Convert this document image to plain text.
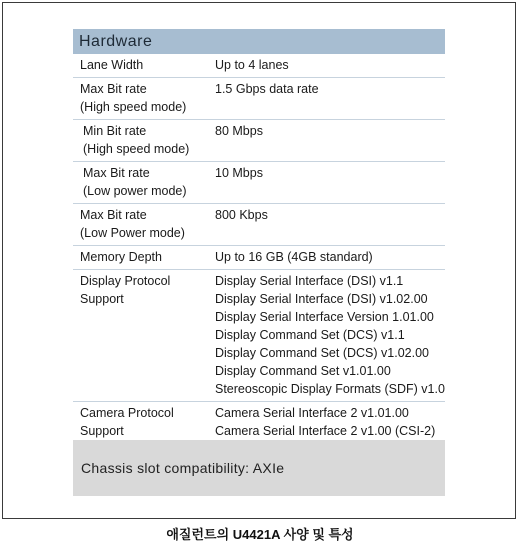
Hardware
Lane Width	Up to 4 lanes
Max Bit rate
(High speed mode)
1.5 Gbps data rate
Min Bit rate
(High speed mode)
80 Mbps
Max Bit rate
(Low power mode)
10 Mbps
Max Bit rate
(Low Power mode)
800 Kbps
Memory Depth	Up to 16 GB (4GB standard)
Display Protocol
Support
Display Serial Interface (DSI) v1.1
Display Serial Interface (DSI) v1.02.00
Display Serial Interface Version 1.01.00
Display Command Set (DCS) v1.1
Display Command Set (DCS) v1.02.00
Display Command Set v1.01.00
Stereoscopic Display Formats (SDF) v1.0
Camera Protocol
Support
Camera Serial Interface 2 v1.01.00
Camera Serial Interface 2 v1.00 (CSI-2)
Chassis slot compatibility: AXIe
애질런트의 U4421A 사양 및 특성
